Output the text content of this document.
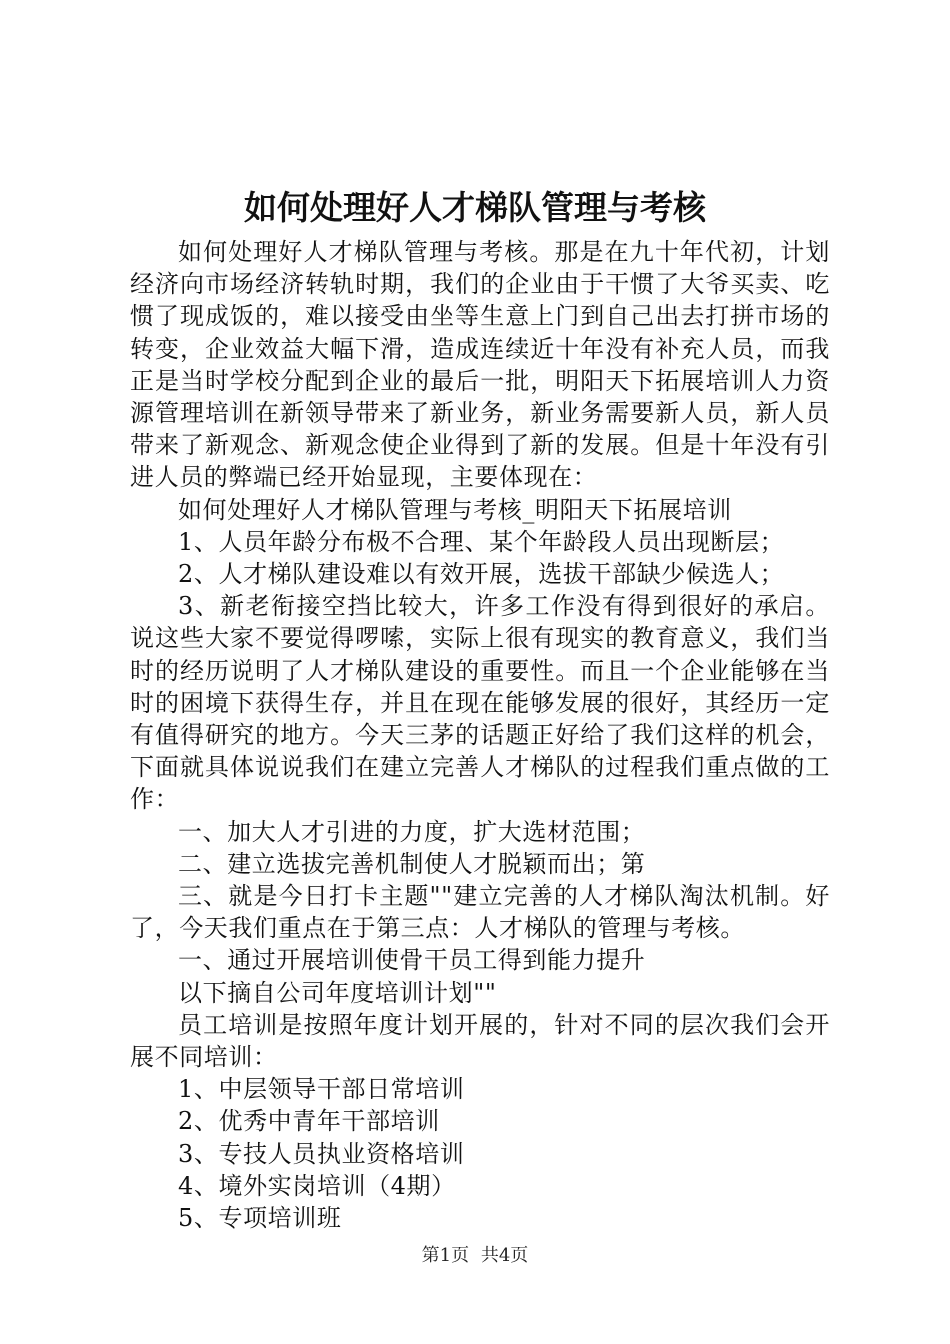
如何处理好人才梯队管理与考核

如何处理好人才梯队管理与考核。那是在九十年代初，计划经济向市场经济转轨时期，我们的企业由于干惯了大爷买卖、吃惯了现成饭的，难以接受由坐等生意上门到自己出去打拼市场的转变，企业效益大幅下滑，造成连续近十年没有补充人员，而我正是当时学校分配到企业的最后一批，明阳天下拓展培训人力资源管理培训在新领导带来了新业务，新业务需要新人员，新人员带来了新观念、新观念使企业得到了新的发展。但是十年没有引进人员的弊端已经开始显现，主要体现在：

如何处理好人才梯队管理与考核_明阳天下拓展培训

1、人员年龄分布极不合理、某个年龄段人员出现断层；

2、人才梯队建设难以有效开展，选拔干部缺少候选人；

3、新老衔接空挡比较大，许多工作没有得到很好的承启。说这些大家不要觉得啰嗦，实际上很有现实的教育意义，我们当时的经历说明了人才梯队建设的重要性。而且一个企业能够在当时的困境下获得生存，并且在现在能够发展的很好，其经历一定有值得研究的地方。今天三茅的话题正好给了我们这样的机会，下面就具体说说我们在建立完善人才梯队的过程我们重点做的工作：

一、加大人才引进的力度，扩大选材范围；

二、建立选拔完善机制使人才脱颖而出；第

三、就是今日打卡主题""建立完善的人才梯队淘汰机制。好了，今天我们重点在于第三点：人才梯队的管理与考核。

一、通过开展培训使骨干员工得到能力提升

以下摘自公司年度培训计划""

员工培训是按照年度计划开展的，针对不同的层次我们会开展不同培训：

1、中层领导干部日常培训

2、优秀中青年干部培训

3、专技人员执业资格培训

4、境外实岗培训（4期）

5、专项培训班

第1页 共4页
